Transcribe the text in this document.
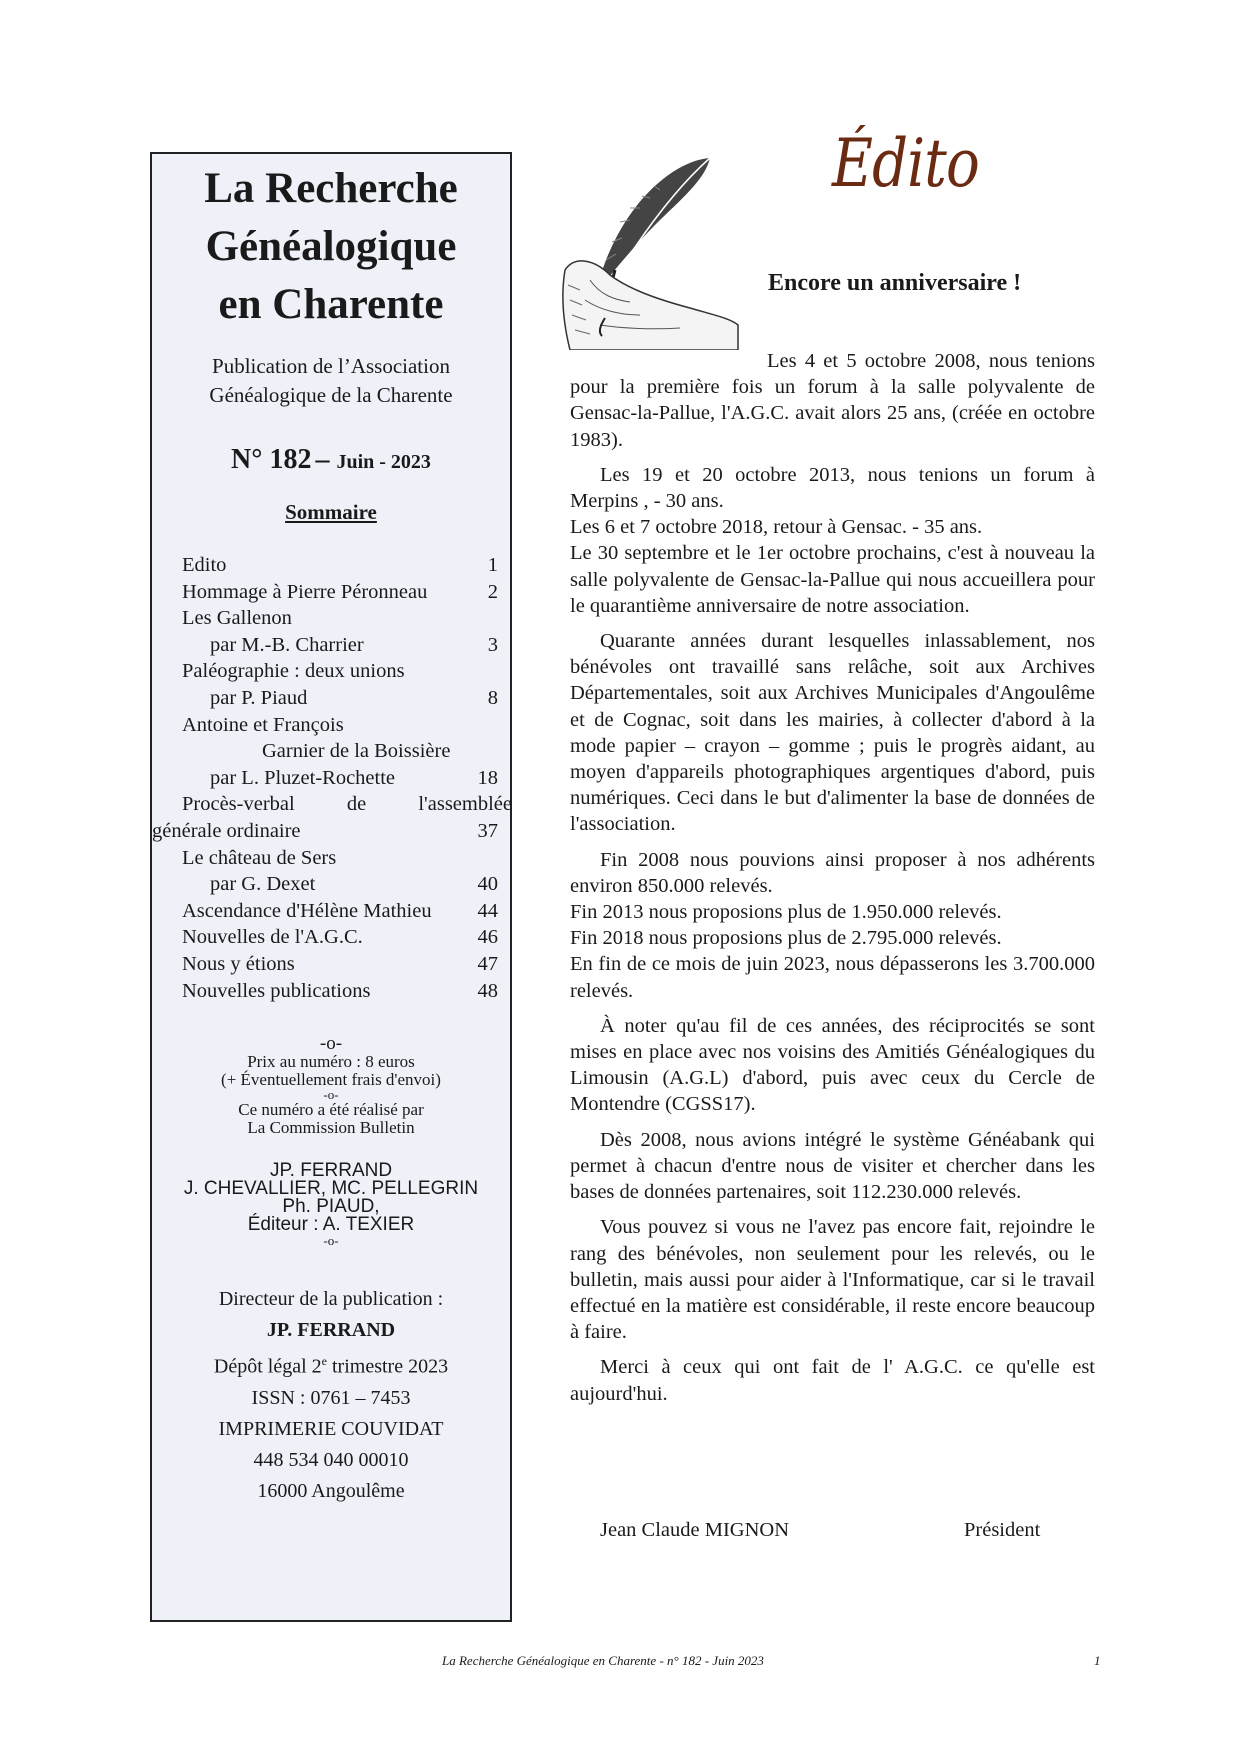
La Recherche
Généalogique
en Charente
Publication de l’Association
Généalogique de la Charente
N° 182 – Juin - 2023
Sommaire
Edito	1
Hommage à Pierre Péronneau	2
Les Gallenon
par M.-B. Charrier	3
Paléographie : deux unions
par P. Piaud	8
Antoine et François
Garnier de la Boissière
par L. Pluzet-Rochette	18
Procès-verbal de l'assemblée
générale ordinaire	37
Le château de Sers
par G. Dexet	40
Ascendance d'Hélène Mathieu 44
Nouvelles de l'A.G.C.	46
Nous y étions	47
Nouvelles publications	48
-o-
Prix au numéro : 8 euros
(+ Éventuellement frais d'envoi)
-o-
Ce numéro a été réalisé par
La Commission Bulletin
JP. FERRAND
J. CHEVALLIER, MC. PELLEGRIN
Ph. PIAUD,
Éditeur : A. TEXIER
-o-
Directeur de la publication :
JP. FERRAND
Dépôt légal 2e trimestre 2023
ISSN : 0761 – 7453
IMPRIMERIE COUVIDAT
448 534 040 00010
16000 Angoulême
Édito
Encore un anniversaire !

Les 4 et 5 octobre 2008, nous tenions pour la première fois un forum à la salle polyvalente de Gensac-la-Pallue, l'A.G.C. avait alors 25 ans, (créée en octobre 1983).

Les 19 et 20 octobre 2013, nous tenions un forum à Merpins , - 30 ans.

Les 6 et 7 octobre 2018, retour à Gensac. - 35 ans.

Le 30 septembre et le 1er octobre prochains, c'est à nouveau la salle polyvalente de Gensac-la-Pallue qui nous accueillera pour le quarantième anniversaire de notre association.

Quarante années durant lesquelles inlassablement, nos bénévoles ont travaillé sans relâche, soit aux Archives Départementales, soit aux Archives Municipales d'Angoulême et de Cognac, soit dans les mairies, à collecter d'abord à la mode papier – crayon – gomme ; puis le progrès aidant, au moyen d'appareils photographiques argentiques d'abord, puis numériques. Ceci dans le but d'alimenter la base de données de l'association.

Fin 2008 nous pouvions ainsi proposer à nos adhérents environ 850.000 relevés.

Fin 2013 nous proposions plus de 1.950.000 relevés.

Fin 2018 nous proposions plus de 2.795.000 relevés.

En fin de ce mois de juin 2023, nous dépasserons les 3.700.000 relevés.

À noter qu'au fil de ces années, des réciprocités se sont mises en place avec nos voisins des Amitiés Généalogiques du Limousin (A.G.L) d'abord, puis avec ceux du Cercle de Montendre (CGSS17).

Dès 2008, nous avions intégré le système Généabank qui permet à chacun d'entre nous de visiter et chercher dans les bases de données partenaires, soit 112.230.000 relevés.

Vous pouvez si vous ne l'avez pas encore fait, rejoindre le rang des bénévoles, non seulement pour les relevés, ou le bulletin, mais aussi pour aider à l'Informatique, car si le travail effectué en la matière est considérable, il reste encore beaucoup à faire.

Merci à ceux qui ont fait de l' A.G.C. ce qu'elle est aujourd'hui.

Jean Claude MIGNON	Président
La Recherche Généalogique en Charente - n° 182 - Juin 2023	1
